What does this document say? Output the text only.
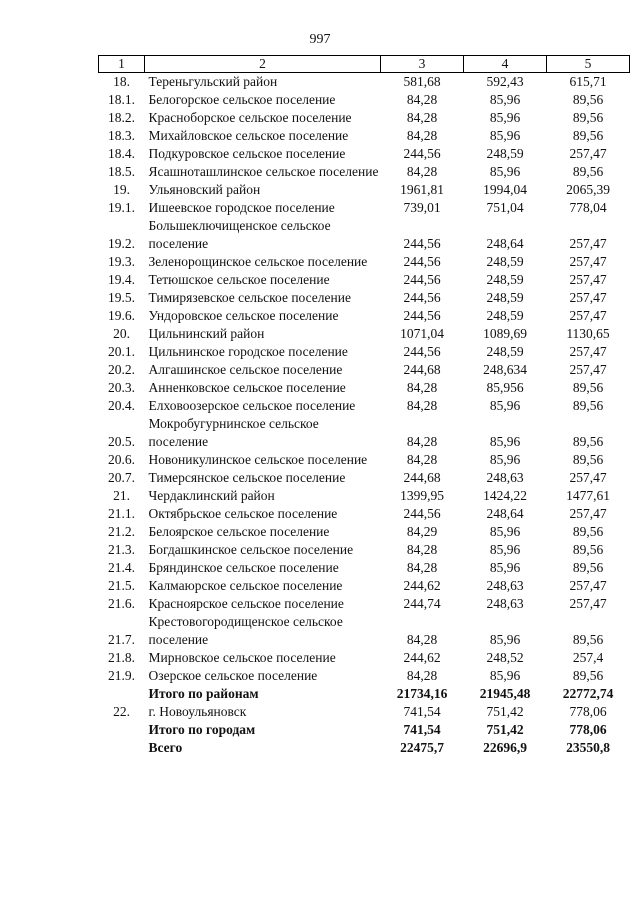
997
1	2	3	4	5
18.	Тереньгульский район	581,68	592,43	615,71
18.1.	Белогорское сельское поселение	84,28	85,96	89,56
18.2.	Красноборское сельское поселение	84,28	85,96	89,56
18.3.	Михайловское сельское поселение	84,28	85,96	89,56
18.4.	Подкуровское сельское поселение	244,56	248,59	257,47
18.5.	Ясашноташлинское сельское поселение	84,28	85,96	89,56
19.	Ульяновский район	1961,81	1994,04	2065,39
19.1.	Ишеевское городское поселение	739,01	751,04	778,04
19.2.	Большеключищенское сельское поселение	244,56	248,64	257,47
19.3.	Зеленорощинское сельское поселение	244,56	248,59	257,47
19.4.	Тетюшское сельское поселение	244,56	248,59	257,47
19.5.	Тимирязевское сельское поселение	244,56	248,59	257,47
19.6.	Ундоровское сельское поселение	244,56	248,59	257,47
20.	Цильнинский район	1071,04	1089,69	1130,65
20.1.	Цильнинское городское поселение	244,56	248,59	257,47
20.2.	Алгашинское сельское поселение	244,68	248,634	257,47
20.3.	Анненковское сельское поселение	84,28	85,956	89,56
20.4.	Елховоозерское сельское поселение	84,28	85,96	89,56
20.5.	Мокробугурнинское сельское поселение	84,28	85,96	89,56
20.6.	Новоникулинское сельское поселение	84,28	85,96	89,56
20.7.	Тимерсянское сельское поселение	244,68	248,63	257,47
21.	Чердаклинский район	1399,95	1424,22	1477,61
21.1.	Октябрьское сельское поселение	244,56	248,64	257,47
21.2.	Белоярское сельское поселение	84,29	85,96	89,56
21.3.	Богдашкинское сельское поселение	84,28	85,96	89,56
21.4.	Бряндинское сельское поселение	84,28	85,96	89,56
21.5.	Калмаюрское сельское поселение	244,62	248,63	257,47
21.6.	Красноярское сельское поселение	244,74	248,63	257,47
21.7.	Крестовогородищенское сельское поселение	84,28	85,96	89,56
21.8.	Мирновское сельское поселение	244,62	248,52	257,4
21.9.	Озерское сельское поселение	84,28	85,96	89,56
	Итого по районам	21734,16	21945,48	22772,74
22.	г. Новоульяновск	741,54	751,42	778,06
	Итого по городам	741,54	751,42	778,06
	Всего	22475,7	22696,9	23550,8
